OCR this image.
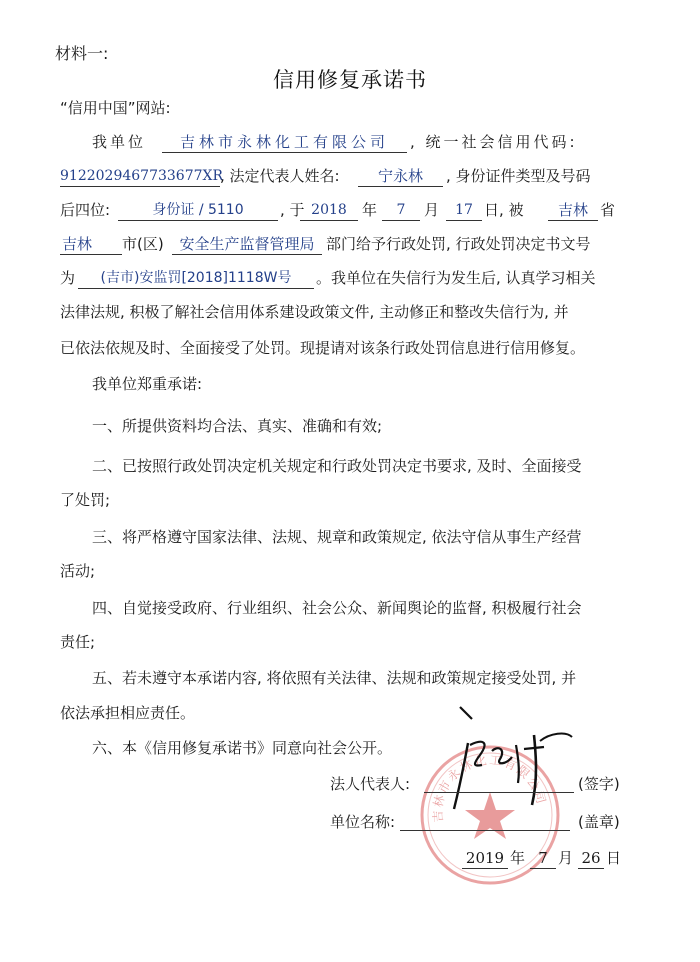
材料一:
信用修复承诺书
“信用中国”网站:
我单位	吉林市永林化工有限公司	, 统一社会信用代码:
9122029467733677XR
, 法定代表人姓名:	宁永林	, 身份证件类型及号码
后四位:	身份证 / 5110	, 于 2018	年	7	月	17 日, 被	吉林 省
吉林	市(区)	安全生产监督管理局 部门给予行政处罚, 行政处罚决定书文号
为	(吉市)安监罚[2018]1118W号	。我单位在失信行为发生后, 认真学习相关
法律法规, 积极了解社会信用体系建设政策文件, 主动修正和整改失信行为, 并
已依法依规及时、全面接受了处罚。现提请对该条行政处罚信息进行信用修复。
我单位郑重承诺:
一、所提供资料均合法、真实、准确和有效;
二、已按照行政处罚决定机关规定和行政处罚决定书要求, 及时、全面接受
了处罚;
三、将严格遵守国家法律、法规、规章和政策规定, 依法守信从事生产经营
活动;
四、自觉接受政府、行业组织、社会公众、新闻舆论的监督, 积极履行社会
责任;
五、若未遵守本承诺内容, 将依照有关法律、法规和政策规定接受处罚, 并
依法承担相应责任。
六、本《信用修复承诺书》同意向社会公开。
吉林市永林化工有限公司
法人代表人:	(签字)
单位名称:	(盖章)
2019 年 7 月 26 日
